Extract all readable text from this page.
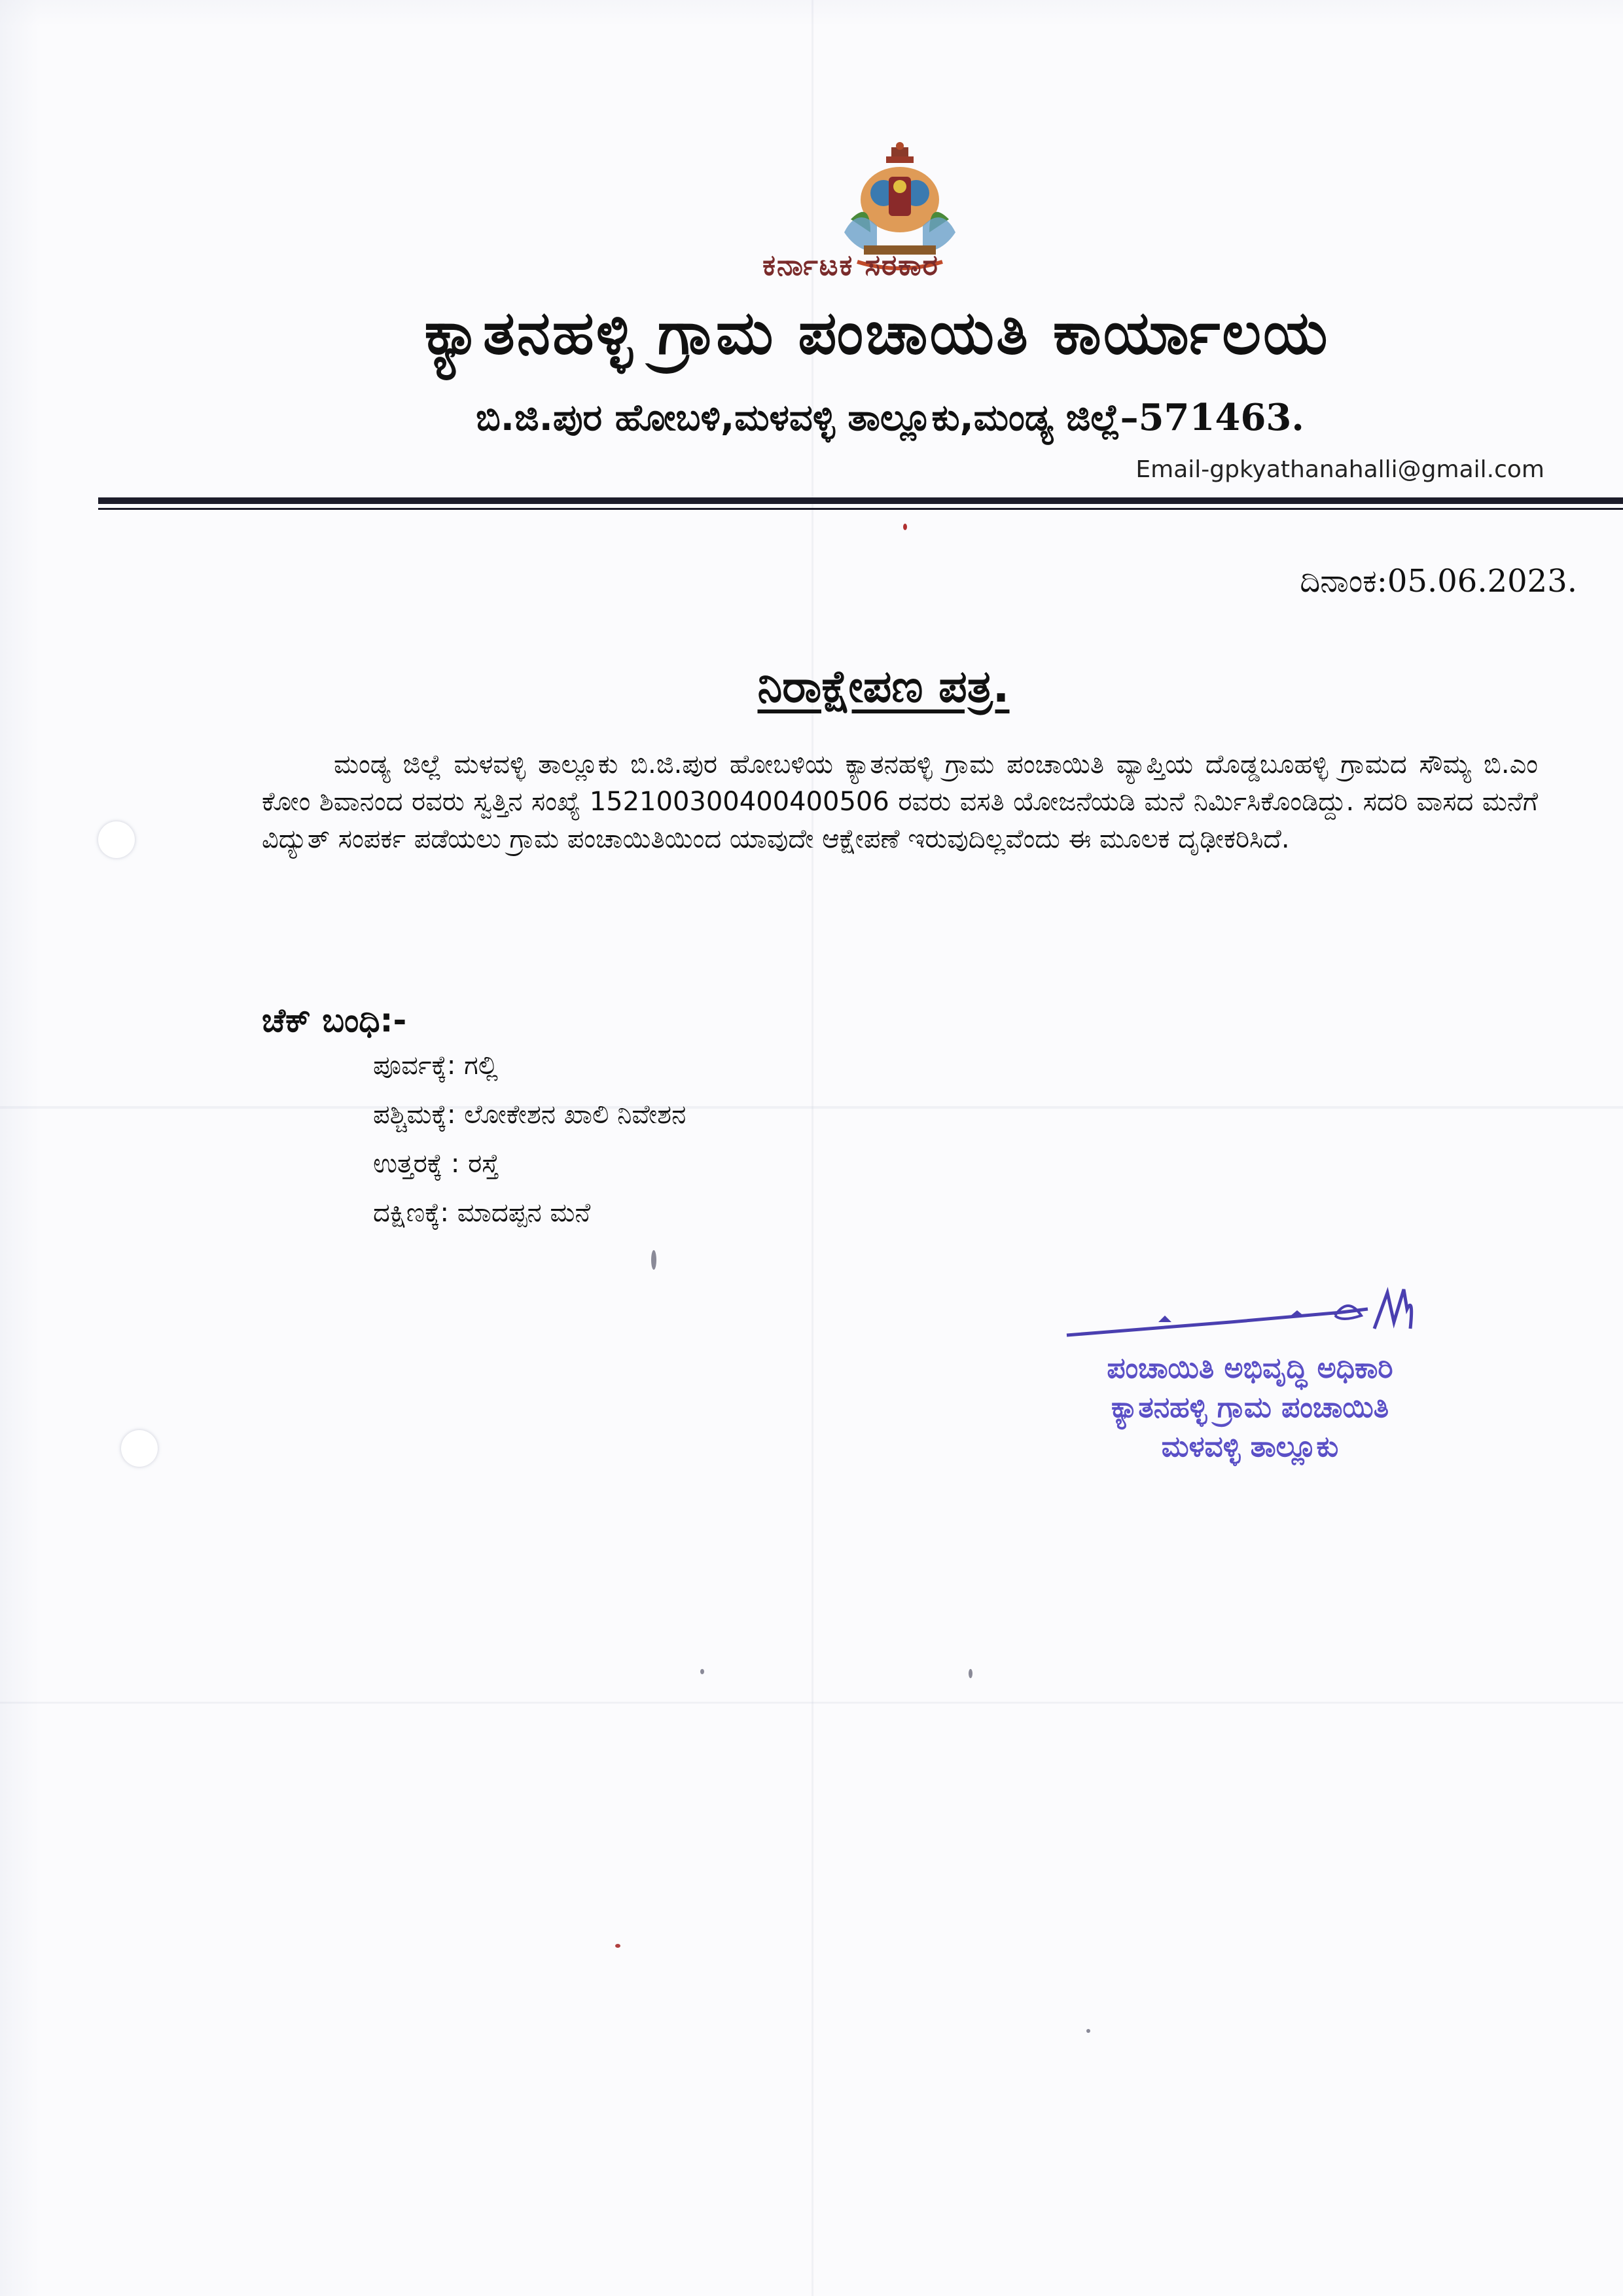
ಕರ್ನಾಟಕ ಸರಕಾರ
ಕ್ಯಾತನಹಳ್ಳಿ ಗ್ರಾಮ ಪಂಚಾಯತಿ ಕಾರ್ಯಾಲಯ
ಬಿ.ಜಿ.ಪುರ ಹೋಬಳಿ,ಮಳವಳ್ಳಿ ತಾಲ್ಲೂಕು,ಮಂಡ್ಯ ಜಿಲ್ಲೆ–571463.
Email-gpkyathanahalli@gmail.com
ದಿನಾಂಕ:05.06.2023.
ನಿರಾಕ್ಷೇಪಣ ಪತ್ರ.
ಮಂಡ್ಯ ಜಿಲ್ಲೆ ಮಳವಳ್ಳಿ ತಾಲ್ಲೂಕು ಬಿ.ಜಿ.ಪುರ ಹೋಬಳಿಯ ಕ್ಯಾತನಹಳ್ಳಿ ಗ್ರಾಮ ಪಂಚಾಯಿತಿ ವ್ಯಾಪ್ತಿಯ ದೊಡ್ಡಬೂಹಳ್ಳಿ ಗ್ರಾಮದ ಸೌಮ್ಯ ಬಿ.ಎಂ ಕೋಂ ಶಿವಾನಂದ ರವರು ಸ್ವತ್ತಿನ ಸಂಖ್ಯೆ 152100300400400506 ರವರು ವಸತಿ ಯೋಜನೆಯಡಿ ಮನೆ ನಿರ್ಮಿಸಿಕೊಂಡಿದ್ದು. ಸದರಿ ವಾಸದ ಮನೆಗೆ ವಿದ್ಯುತ್ ಸಂಪರ್ಕ ಪಡೆಯಲು ಗ್ರಾಮ ಪಂಚಾಯಿತಿಯಿಂದ ಯಾವುದೇ ಆಕ್ಷೇಪಣೆ ಇರುವುದಿಲ್ಲವೆಂದು ಈ ಮೂಲಕ ದೃಢೀಕರಿಸಿದೆ.
ಚೆಕ್ ಬಂಧಿ:-
ಪೂರ್ವಕ್ಕೆ: ಗಲ್ಲಿ
ಪಶ್ಚಿಮಕ್ಕೆ: ಲೋಕೇಶನ ಖಾಲಿ ನಿವೇಶನ
ಉತ್ತರಕ್ಕೆ : ರಸ್ತೆ
ದಕ್ಷಿಣಕ್ಕೆ: ಮಾದಪ್ಪನ ಮನೆ
ಪಂಚಾಯಿತಿ ಅಭಿವೃದ್ಧಿ ಅಧಿಕಾರಿ
ಕ್ಯಾತನಹಳ್ಳಿ ಗ್ರಾಮ ಪಂಚಾಯಿತಿ
ಮಳವಳ್ಳಿ ತಾಲ್ಲೂಕು
